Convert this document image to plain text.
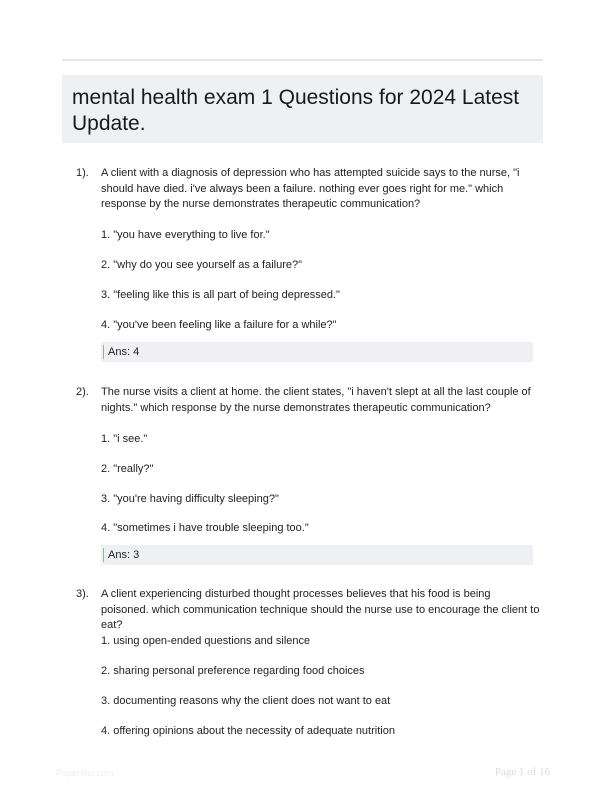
mental health exam 1 Questions for 2024 Latest Update.
1). A client with a diagnosis of depression who has attempted suicide says to the nurse, "i should have died. i've always been a failure. nothing ever goes right for me." which response by the nurse demonstrates therapeutic communication?
1. "you have everything to live for."
2. "why do you see yourself as a failure?"
3. "feeling like this is all part of being depressed."
4. "you've been feeling like a failure for a while?"
Ans: 4
2). The nurse visits a client at home. the client states, "i haven't slept at all the last couple of nights." which response by the nurse demonstrates therapeutic communication?
1. "i see."
2. "really?"
3. "you're having difficulty sleeping?"
4. "sometimes i have trouble sleeping too."
Ans: 3
3). A client experiencing disturbed thought processes believes that his food is being poisoned. which communication technique should the nurse use to encourage the client to eat?
1. using open-ended questions and silence
2. sharing personal preference regarding food choices
3. documenting reasons why the client does not want to eat
4. offering opinions about the necessity of adequate nutrition
Paper9tic.com	Page 1 of 16
